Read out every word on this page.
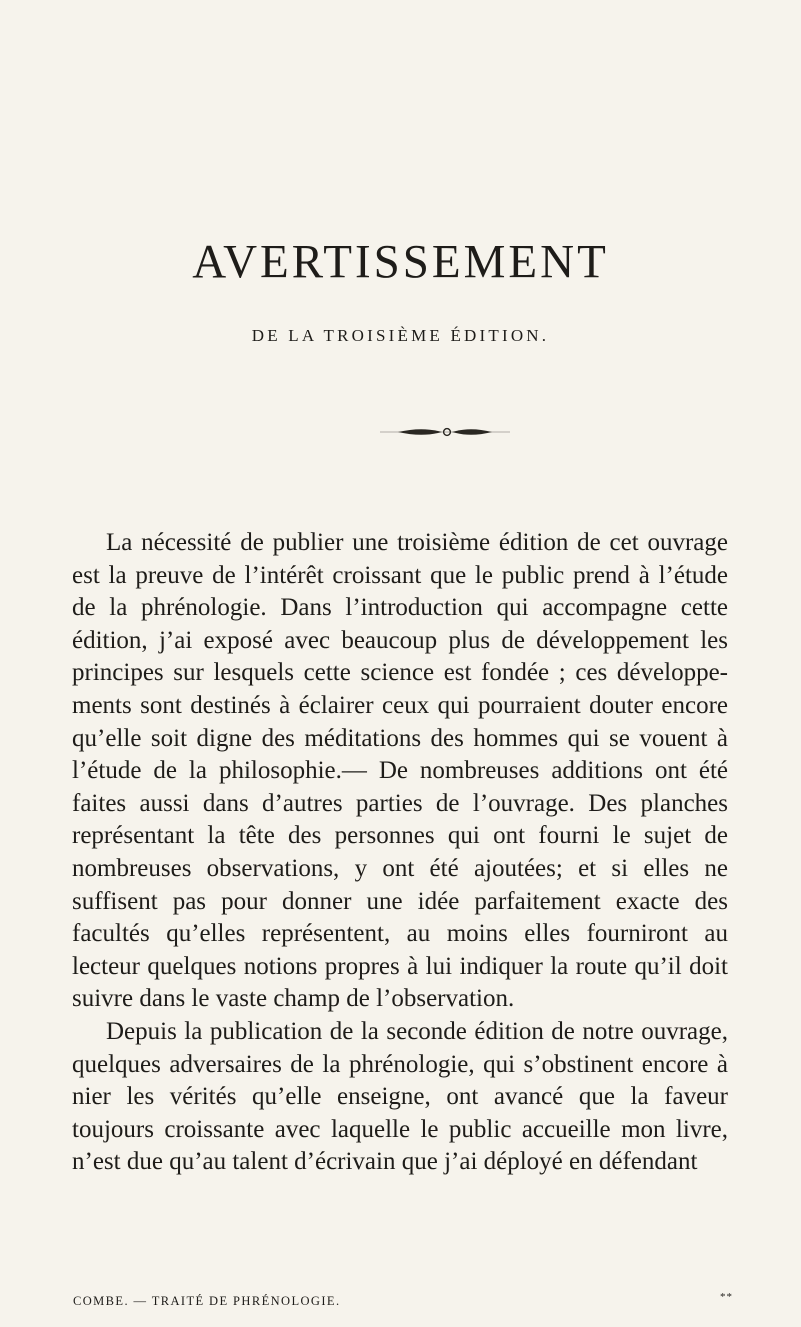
AVERTISSEMENT
DE LA TROISIÈME ÉDITION.

La nécessité de publier une troisième édition de cet ouvrage est la preuve de l’intérêt croissant que le public prend à l’étude de la phrénologie. Dans l’introduction qui accompagne cette édition, j’ai exposé avec beaucoup plus de développement les principes sur lesquels cette science est fondée ; ces développements sont destinés à éclairer ceux qui pourraient douter encore qu’elle soit digne des méditations des hommes qui se vouent à l’étude de la philosophie.— De nombreuses additions ont été faites aussi dans d’autres parties de l’ouvrage. Des planches représentant la tête des personnes qui ont fourni le sujet de nombreuses observations, y ont été ajoutées; et si elles ne suffisent pas pour donner une idée parfaitement exacte des facultés qu’elles représentent, au moins elles fourniront au lecteur quelques notions propres à lui indiquer la route qu’il doit suivre dans le vaste champ de l’observation.

Depuis la publication de la seconde édition de notre ouvrage, quelques adversaires de la phrénologie, qui s’obstinent encore à nier les vérités qu’elle enseigne, ont avancé que la faveur toujours croissante avec laquelle le public accueille mon livre, n’est due qu’au talent d’écrivain que j’ai déployé en défendant

COMBE. — TRAITÉ DE PHRÉNOLOGIE.	**
